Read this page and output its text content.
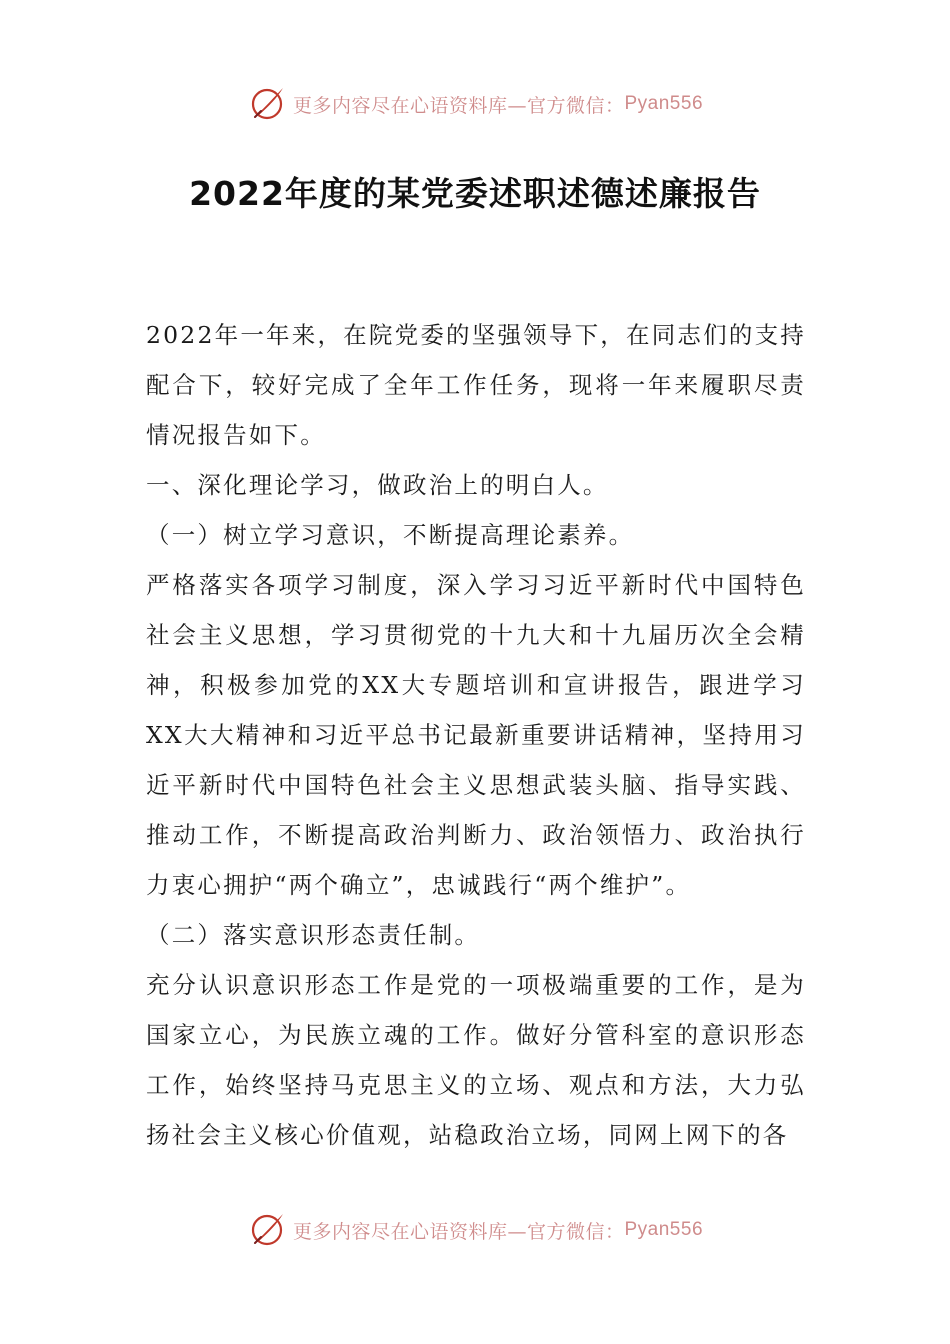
更多内容尽在心语资料库—官方微信： Pyan556
2022年度的某党委述职述德述廉报告

2022年一年来，在院党委的坚强领导下，在同志们的支持配合下，较好完成了全年工作任务，现将一年来履职尽责情况报告如下。

一、深化理论学习，做政治上的明白人。

（一）树立学习意识，不断提高理论素养。

严格落实各项学习制度，深入学习习近平新时代中国特色社会主义思想，学习贯彻党的十九大和十九届历次全会精神，积极参加党的XX大专题培训和宣讲报告，跟进学习XX大大精神和习近平总书记最新重要讲话精神，坚持用习近平新时代中国特色社会主义思想武装头脑、指导实践、推动工作，不断提高政治判断力、政治领悟力、政治执行力衷心拥护“两个确立”，忠诚践行“两个维护”。

（二）落实意识形态责任制。

充分认识意识形态工作是党的一项极端重要的工作，是为国家立心，为民族立魂的工作。做好分管科室的意识形态工作，始终坚持马克思主义的立场、观点和方法，大力弘扬社会主义核心价值观，站稳政治立场，同网上网下的各

更多内容尽在心语资料库—官方微信： Pyan556
